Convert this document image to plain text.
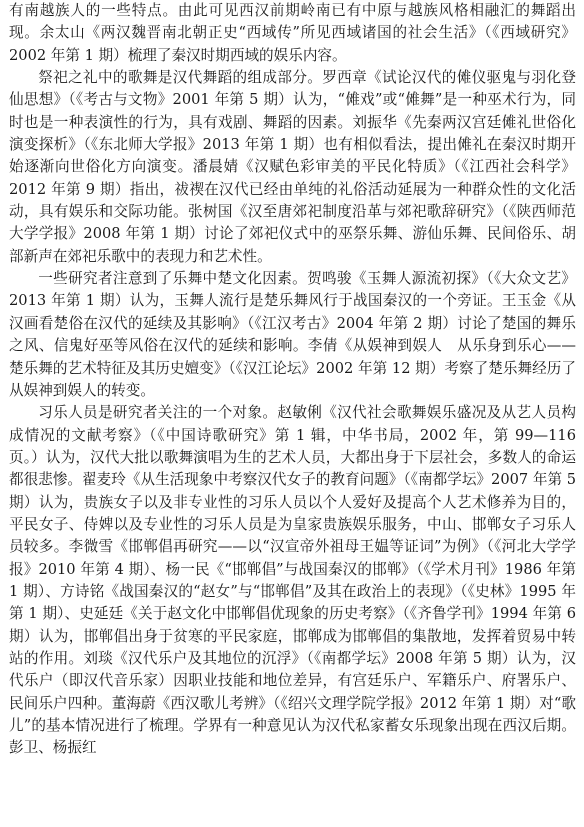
有南越族人的一些特点。由此可见西汉前期岭南已有中原与越族风格相融汇的舞蹈出现。余太山《两汉魏晋南北朝正史“西域传”所见西域诸国的社会生活》（《西域研究》2002 年第 1 期）梳理了秦汉时期西域的娱乐内容。

祭祀之礼中的歌舞是汉代舞蹈的组成部分。罗西章《试论汉代的傩仪驱鬼与羽化登仙思想》（《考古与文物》2001 年第 5 期）认为，“傩戏”或“傩舞”是一种巫术行为，同时也是一种表演性的行为，具有戏剧、舞蹈的因素。刘振华《先秦两汉宫廷傩礼世俗化演变探析》（《东北师大学报》2013 年第 1 期）也有相似看法，提出傩礼在秦汉时期开始逐渐向世俗化方向演变。潘晨婧《汉赋色彩审美的平民化特质》（《江西社会科学》2012 年第 9 期）指出，祓禊在汉代已经由单纯的礼俗活动延展为一种群众性的文化活动，具有娱乐和交际功能。张树国《汉至唐郊祀制度沿革与郊祀歌辞研究》（《陕西师范大学学报》2008 年第 1 期）讨论了郊祀仪式中的巫祭乐舞、游仙乐舞、民间俗乐、胡部新声在郊祀乐歌中的表现力和艺术性。

一些研究者注意到了乐舞中楚文化因素。贺鸣骏《玉舞人源流初探》（《大众文艺》2013 年第 1 期）认为，玉舞人流行是楚乐舞风行于战国秦汉的一个旁证。王玉金《从汉画看楚俗在汉代的延续及其影响》（《江汉考古》2004 年第 2 期）讨论了楚国的舞乐之风、信鬼好巫等风俗在汉代的延续和影响。李倩《从娱神到娱人　从乐身到乐心——楚乐舞的艺术特征及其历史嬗变》（《汉江论坛》2002 年第 12 期）考察了楚乐舞经历了从娱神到娱人的转变。

习乐人员是研究者关注的一个对象。赵敏俐《汉代社会歌舞娱乐盛况及从艺人员构成情况的文献考察》（《中国诗歌研究》第 1 辑，中华书局，2002 年，第 99—116 页。）认为，汉代大批以歌舞演唱为生的艺术人员，大都出身于下层社会，多数人的命运都很悲惨。翟麦玲《从生活现象中考察汉代女子的教育问题》（《南都学坛》2007 年第 5 期）认为，贵族女子以及非专业性的习乐人员以个人爱好及提高个人艺术修养为目的，平民女子、侍婢以及专业性的习乐人员是为皇家贵族娱乐服务，中山、邯郸女子习乐人员较多。李微雪《邯郸倡再研究——以“汉宣帝外祖母王媪等证词”为例》（《河北大学学报》2010 年第 4 期）、杨一民《“邯郸倡”与战国秦汉的邯郸》（《学术月刊》1986 年第 1 期）、方诗铭《战国秦汉的“赵女”与“邯郸倡”及其在政治上的表现》（《史林》1995 年第 1 期）、史延廷《关于赵文化中邯郸倡优现象的历史考察》（《齐鲁学刊》1994 年第 6 期）认为，邯郸倡出身于贫寒的平民家庭，邯郸成为邯郸倡的集散地，发挥着贸易中转站的作用。刘琰《汉代乐户及其地位的沉浮》（《南都学坛》2008 年第 5 期）认为，汉代乐户（即汉代音乐家）因职业技能和地位差异，有宫廷乐户、军籍乐户、府署乐户、民间乐户四种。董海蔚《西汉歌儿考辨》（《绍兴文理学院学报》2012 年第 1 期）对“歌儿”的基本情况进行了梳理。学界有一种意见认为汉代私家蓄女乐现象出现在西汉后期。彭卫、杨振红
